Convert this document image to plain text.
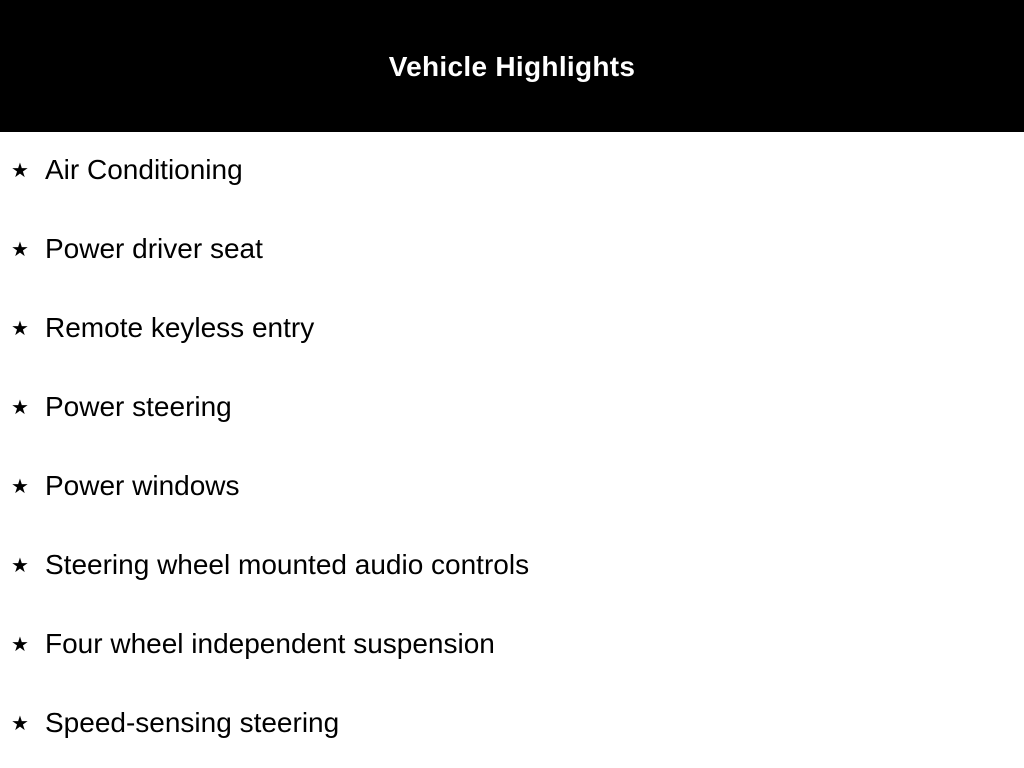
Vehicle Highlights
★ Air Conditioning
★ Power driver seat
★ Remote keyless entry
★ Power steering
★ Power windows
★ Steering wheel mounted audio controls
★ Four wheel independent suspension
★ Speed-sensing steering
